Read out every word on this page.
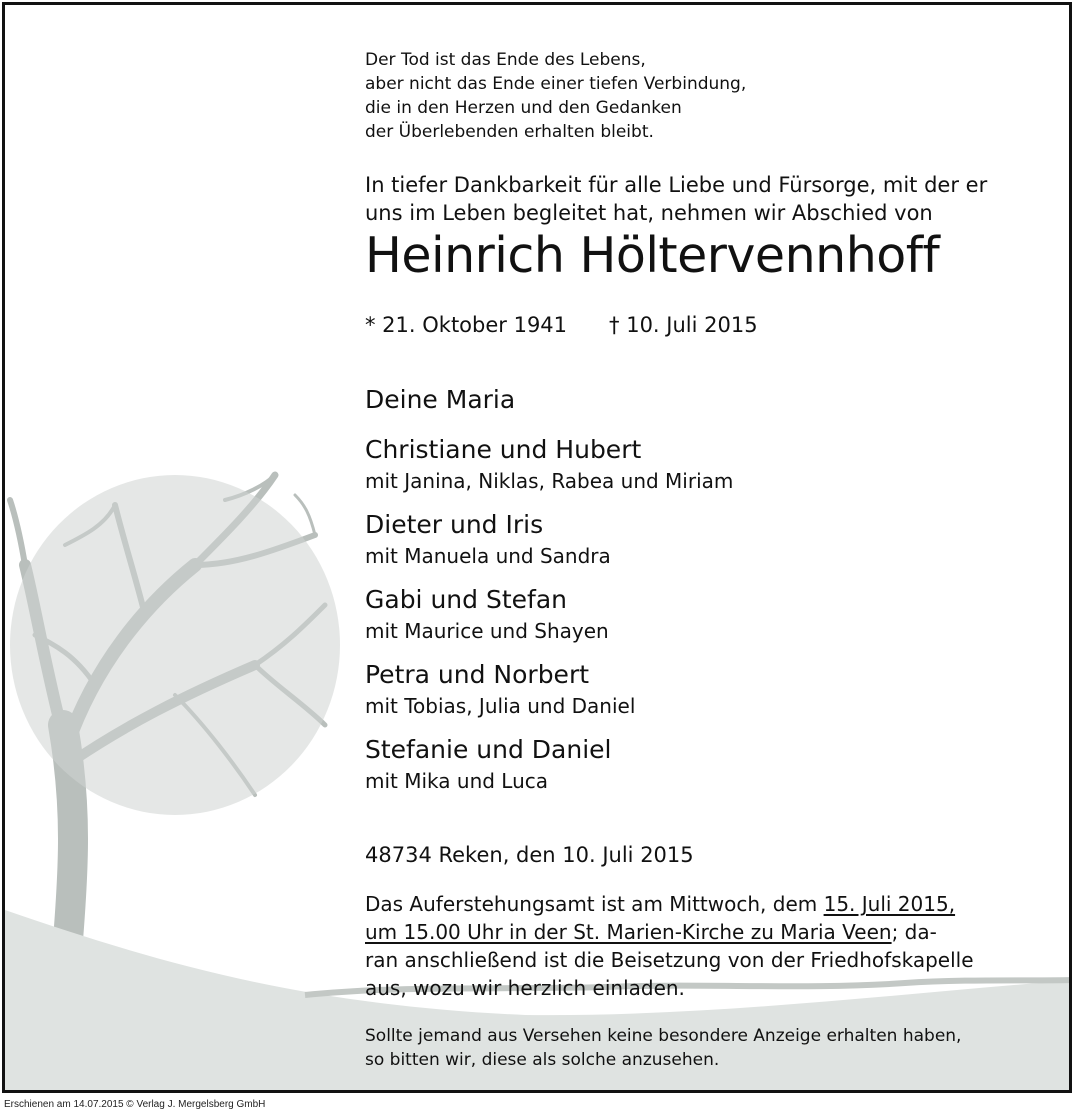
Der Tod ist das Ende des Lebens,
aber nicht das Ende einer tiefen Verbindung,
die in den Herzen und den Gedanken
der Überlebenden erhalten bleibt.
In tiefer Dankbarkeit für alle Liebe und Fürsorge, mit der er
uns im Leben begleitet hat, nehmen wir Abschied von
Heinrich Höltervennhoff
* 21. Oktober 1941 † 10. Juli 2015
Deine Maria
Christiane und Hubert
mit Janina, Niklas, Rabea und Miriam
Dieter und Iris
mit Manuela und Sandra
Gabi und Stefan
mit Maurice und Shayen
Petra und Norbert
mit Tobias, Julia und Daniel
Stefanie und Daniel
mit Mika und Luca
48734 Reken, den 10. Juli 2015
Das Auferstehungsamt ist am Mittwoch, dem 15. Juli 2015,
um 15.00 Uhr in der St. Marien-Kirche zu Maria Veen; da-
ran anschließend ist die Beisetzung von der Friedhofskapelle
aus, wozu wir herzlich einladen.
Sollte jemand aus Versehen keine besondere Anzeige erhalten haben,
so bitten wir, diese als solche anzusehen.
Erschienen am 14.07.2015 © Verlag J. Mergelsberg GmbH
